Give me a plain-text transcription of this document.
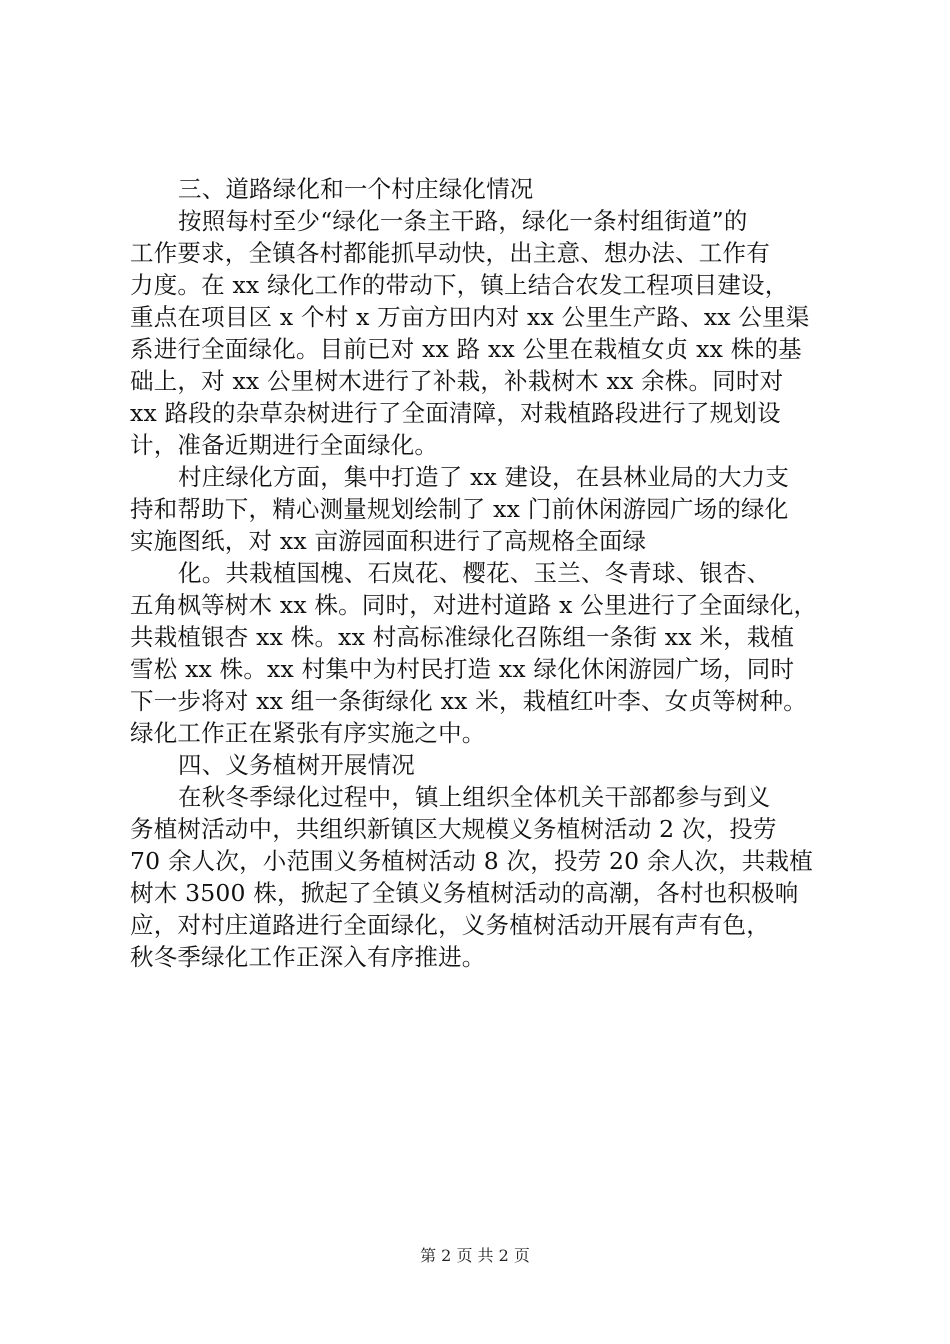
三、道路绿化和一个村庄绿化情况
按照每村至少“绿化一条主干路，绿化一条村组街道”的
工作要求，全镇各村都能抓早动快，出主意、想办法、工作有
力度。在 xx 绿化工作的带动下，镇上结合农发工程项目建设，
重点在项目区 x 个村 x 万亩方田内对 xx 公里生产路、xx 公里渠
系进行全面绿化。目前已对 xx 路 xx 公里在栽植女贞 xx 株的基
础上，对 xx 公里树木进行了补栽，补栽树木 xx 余株。同时对
xx 路段的杂草杂树进行了全面清障，对栽植路段进行了规划设
计，准备近期进行全面绿化。
村庄绿化方面，集中打造了 xx 建设，在县林业局的大力支
持和帮助下，精心测量规划绘制了 xx 门前休闲游园广场的绿化
实施图纸，对 xx 亩游园面积进行了高规格全面绿
化。共栽植国槐、石岚花、樱花、玉兰、冬青球、银杏、
五角枫等树木 xx 株。同时，对进村道路 x 公里进行了全面绿化，
共栽植银杏 xx 株。xx 村高标准绿化召陈组一条街 xx 米，栽植
雪松 xx 株。xx 村集中为村民打造 xx 绿化休闲游园广场，同时
下一步将对 xx 组一条街绿化 xx 米，栽植红叶李、女贞等树种。
绿化工作正在紧张有序实施之中。
四、义务植树开展情况
在秋冬季绿化过程中，镇上组织全体机关干部都参与到义
务植树活动中，共组织新镇区大规模义务植树活动 2 次，投劳
70 余人次，小范围义务植树活动 8 次，投劳 20 余人次，共栽植
树木 3500 株，掀起了全镇义务植树活动的高潮，各村也积极响
应，对村庄道路进行全面绿化，义务植树活动开展有声有色，
秋冬季绿化工作正深入有序推进。
第 2 页 共 2 页
